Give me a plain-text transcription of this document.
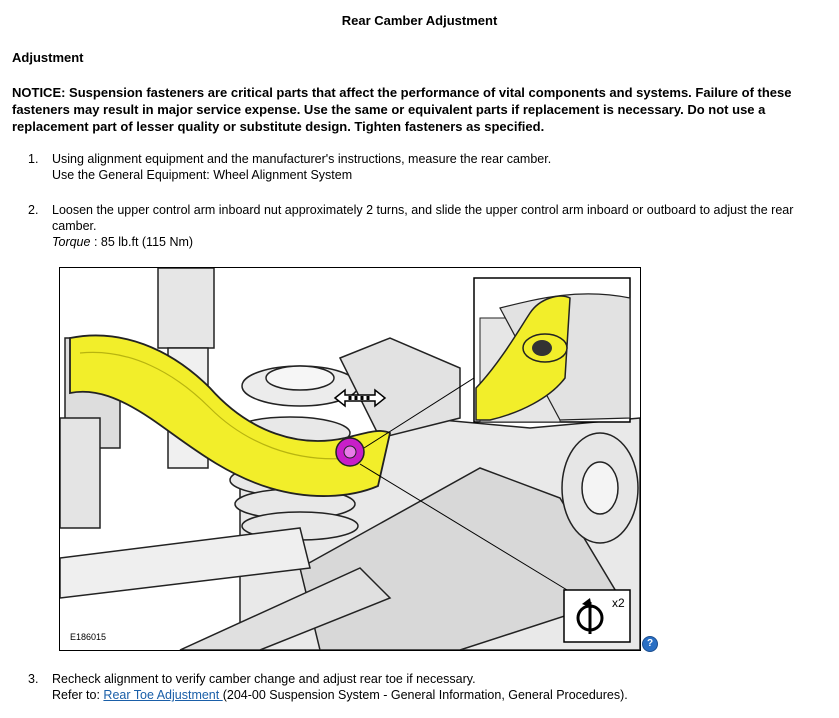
Rear Camber Adjustment
Adjustment
NOTICE: Suspension fasteners are critical parts that affect the performance of vital components and systems. Failure of these fasteners may result in major service expense. Use the same or equivalent parts if replacement is necessary. Do not use a replacement part of lesser quality or substitute design. Tighten fasteners as specified.
1. Using alignment equipment and the manufacturer's instructions, measure the rear camber.
Use the General Equipment: Wheel Alignment System
2. Loosen the upper control arm inboard nut approximately 2 turns, and slide the upper control arm inboard or outboard to adjust the rear camber.
Torque : 85 lb.ft (115 Nm)
x2
E186015
?
3. Recheck alignment to verify camber change and adjust rear toe if necessary.
Refer to: Rear Toe Adjustment (204-00 Suspension System - General Information, General Procedures).
